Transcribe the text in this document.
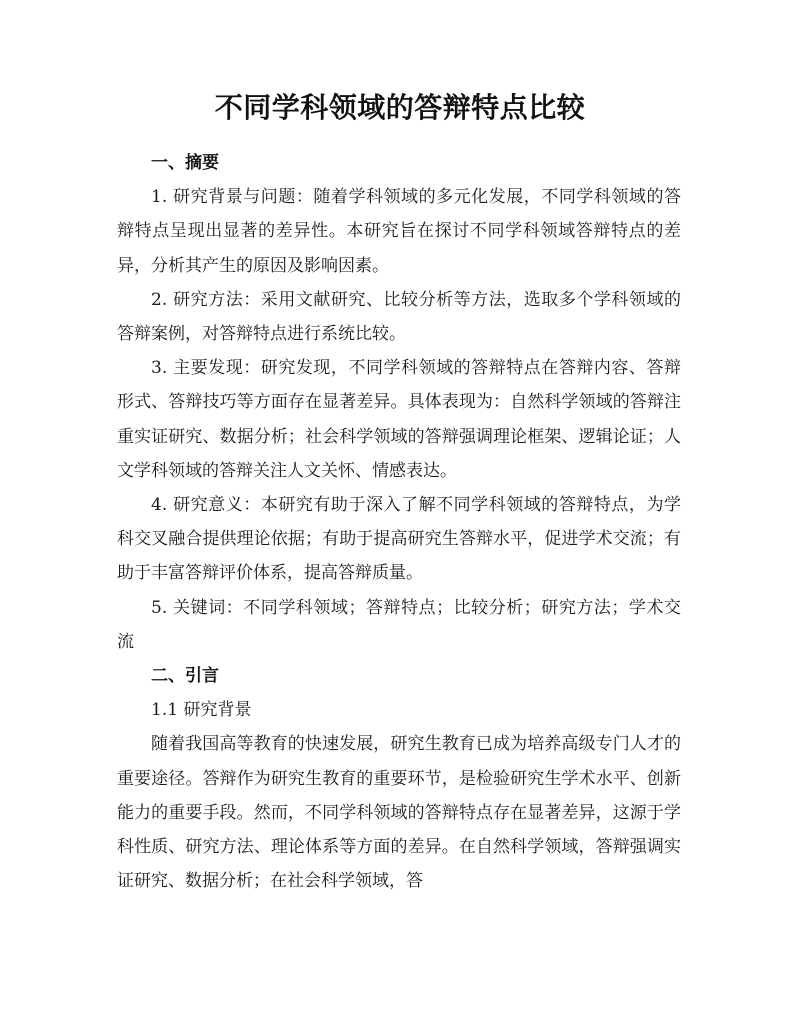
不同学科领域的答辩特点比较

一、摘要

1. 研究背景与问题：随着学科领域的多元化发展，不同学科领域的答辩特点呈现出显著的差异性。本研究旨在探讨不同学科领域答辩特点的差异，分析其产生的原因及影响因素。

2. 研究方法：采用文献研究、比较分析等方法，选取多个学科领域的答辩案例，对答辩特点进行系统比较。

3. 主要发现：研究发现，不同学科领域的答辩特点在答辩内容、答辩形式、答辩技巧等方面存在显著差异。具体表现为：自然科学领域的答辩注重实证研究、数据分析；社会科学领域的答辩强调理论框架、逻辑论证；人文学科领域的答辩关注人文关怀、情感表达。

4. 研究意义：本研究有助于深入了解不同学科领域的答辩特点，为学科交叉融合提供理论依据；有助于提高研究生答辩水平，促进学术交流；有助于丰富答辩评价体系，提高答辩质量。

5. 关键词：不同学科领域；答辩特点；比较分析；研究方法；学术交流

二、引言

1.1 研究背景

随着我国高等教育的快速发展，研究生教育已成为培养高级专门人才的重要途径。答辩作为研究生教育的重要环节，是检验研究生学术水平、创新能力的重要手段。然而，不同学科领域的答辩特点存在显著差异，这源于学科性质、研究方法、理论体系等方面的差异。在自然科学领域，答辩强调实证研究、数据分析；在社会科学领域，答
